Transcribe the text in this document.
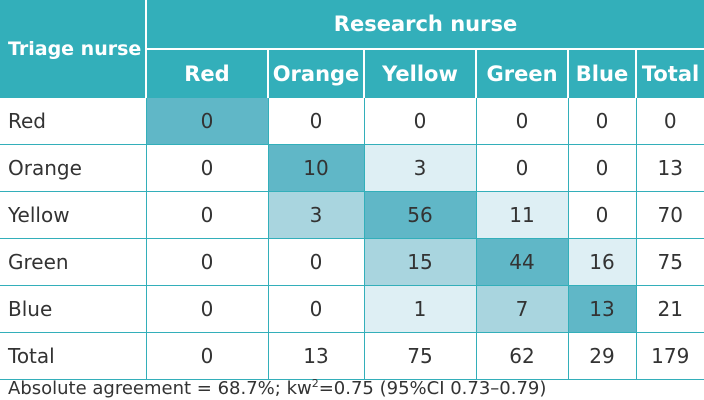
Triage nurse	Research nurse					
	Red	Orange	Yellow	Green	Blue	Total
Red	0	0	0	0	0	0
Orange	0	10	3	0	0	13
Yellow	0	3	56	11	0	70
Green	0	0	15	44	16	75
Blue	0	0	1	7	13	21
Total	0	13	75	62	29	179
Absolute agreement = 68.7%; $kw^2=0.75$ (95%CI 0.73–0.79)
